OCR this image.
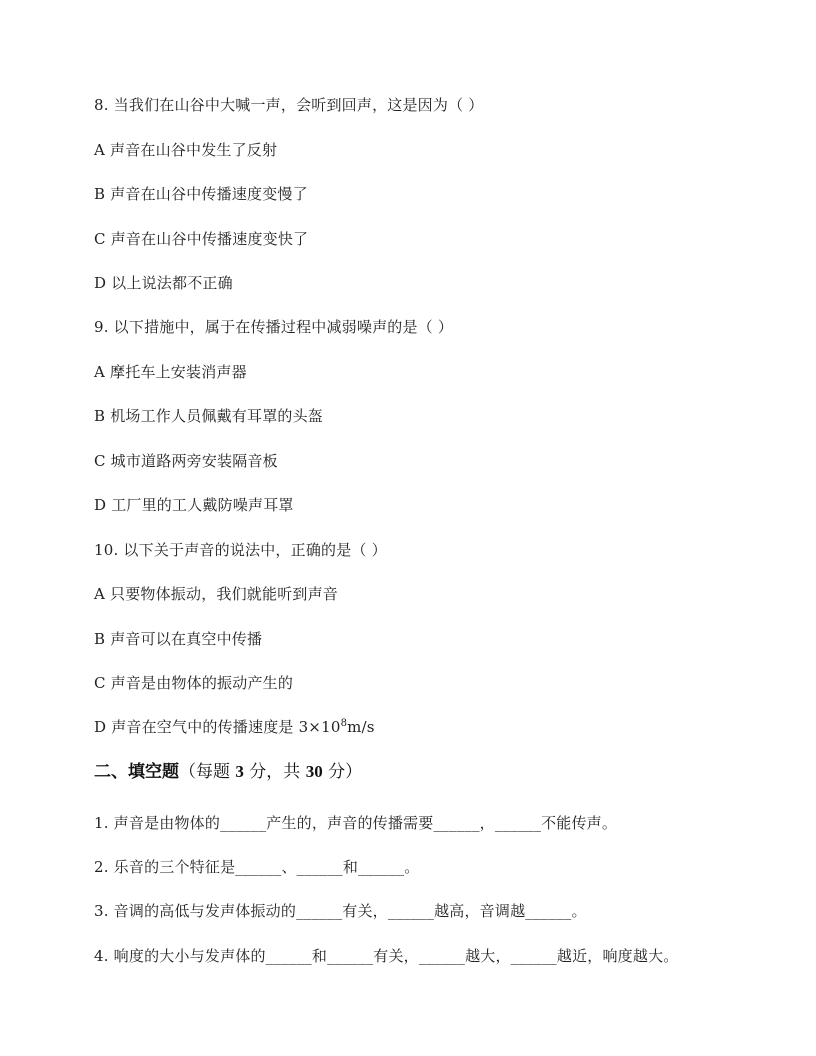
8. 当我们在山谷中大喊一声，会听到回声，这是因为（ ）
A 声音在山谷中发生了反射
B 声音在山谷中传播速度变慢了
C 声音在山谷中传播速度变快了
D 以上说法都不正确
9. 以下措施中，属于在传播过程中减弱噪声的是（ ）
A 摩托车上安装消声器
B 机场工作人员佩戴有耳罩的头盔
C 城市道路两旁安装隔音板
D 工厂里的工人戴防噪声耳罩
10. 以下关于声音的说法中，正确的是（ ）
A 只要物体振动，我们就能听到声音
B 声音可以在真空中传播
C 声音是由物体的振动产生的
D 声音在空气中的传播速度是 $3\times 10^8m/s$
二、填空题（每题 3 分，共 30 分）
1. 声音是由物体的______产生的，声音的传播需要______，______不能传声。
2. 乐音的三个特征是______、______和______。
3. 音调的高低与发声体振动的______有关，______越高，音调越______。
4. 响度的大小与发声体的______和______有关，______越大，______越近，响度越大。
